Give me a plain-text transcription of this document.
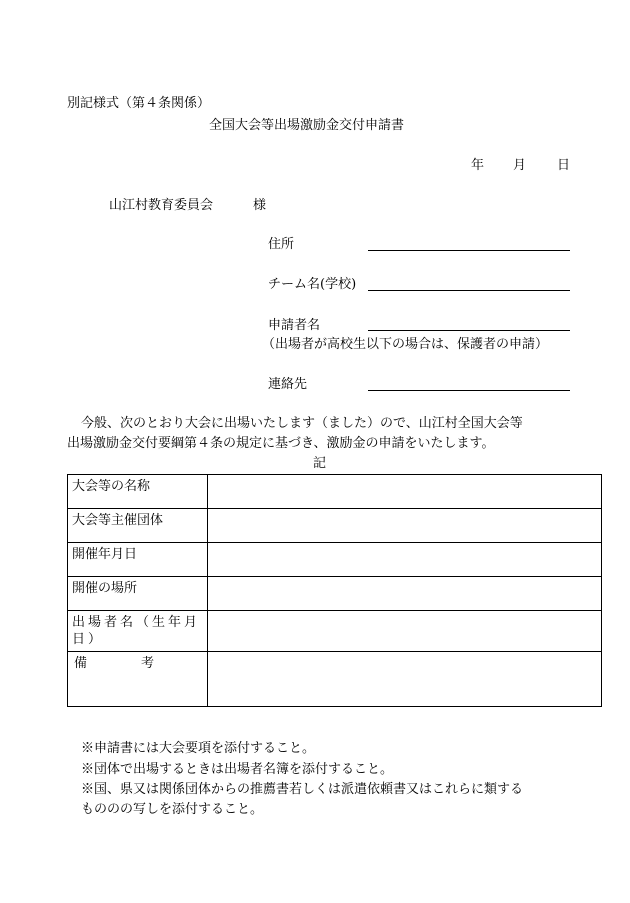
別記様式（第４条関係）
全国大会等出場激励金交付申請書
年 月 日
山江村教育委員会	様
住所
チーム名(学校)
申請者名
（出場者が高校生以下の場合は、保護者の申請）
連絡先
今般、次のとおり大会に出場いたします（ました）ので、山江村全国大会等
出場激励金交付要綱第４条の規定に基づき、激励金の申請をいたします。
記
大会等の名称	
大会等主催団体	
開催年月日	
開催の場所	
出場者名（生年月日）	

備 考	

※申請書には大会要項を添付すること。
※団体で出場するときは出場者名簿を添付すること。
※国、県又は関係団体からの推薦書若しくは派遣依頼書又はこれらに類する
もののの写しを添付すること。
